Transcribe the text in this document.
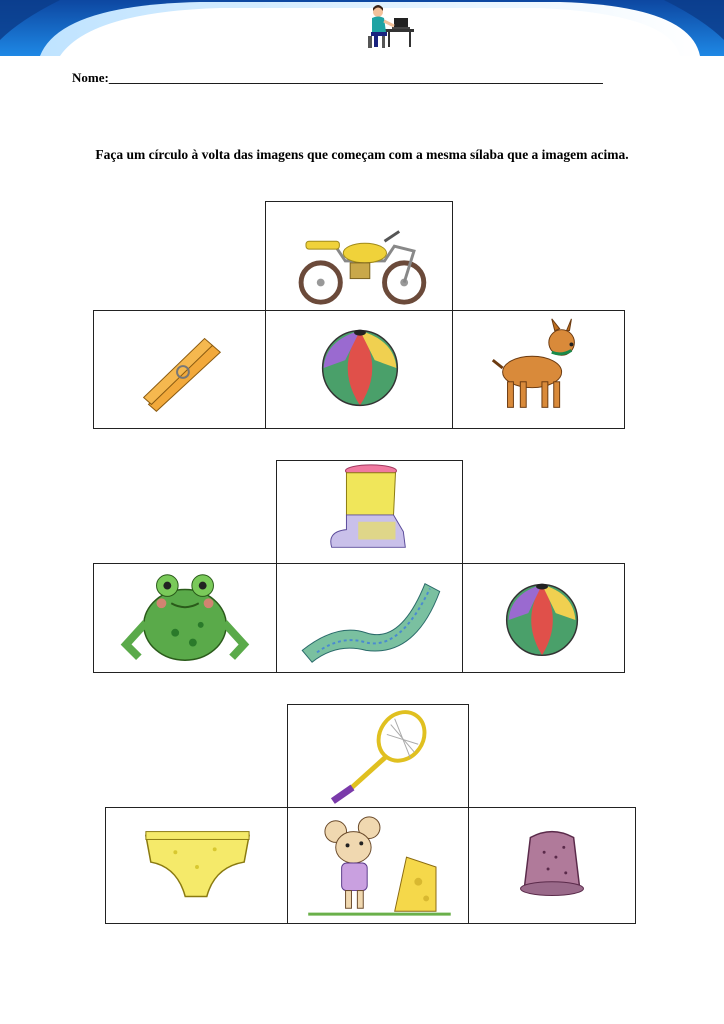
Nome:____________________________________________________________________________
Faça um círculo à volta das imagens que começam com a mesma sílaba que a imagem acima.
